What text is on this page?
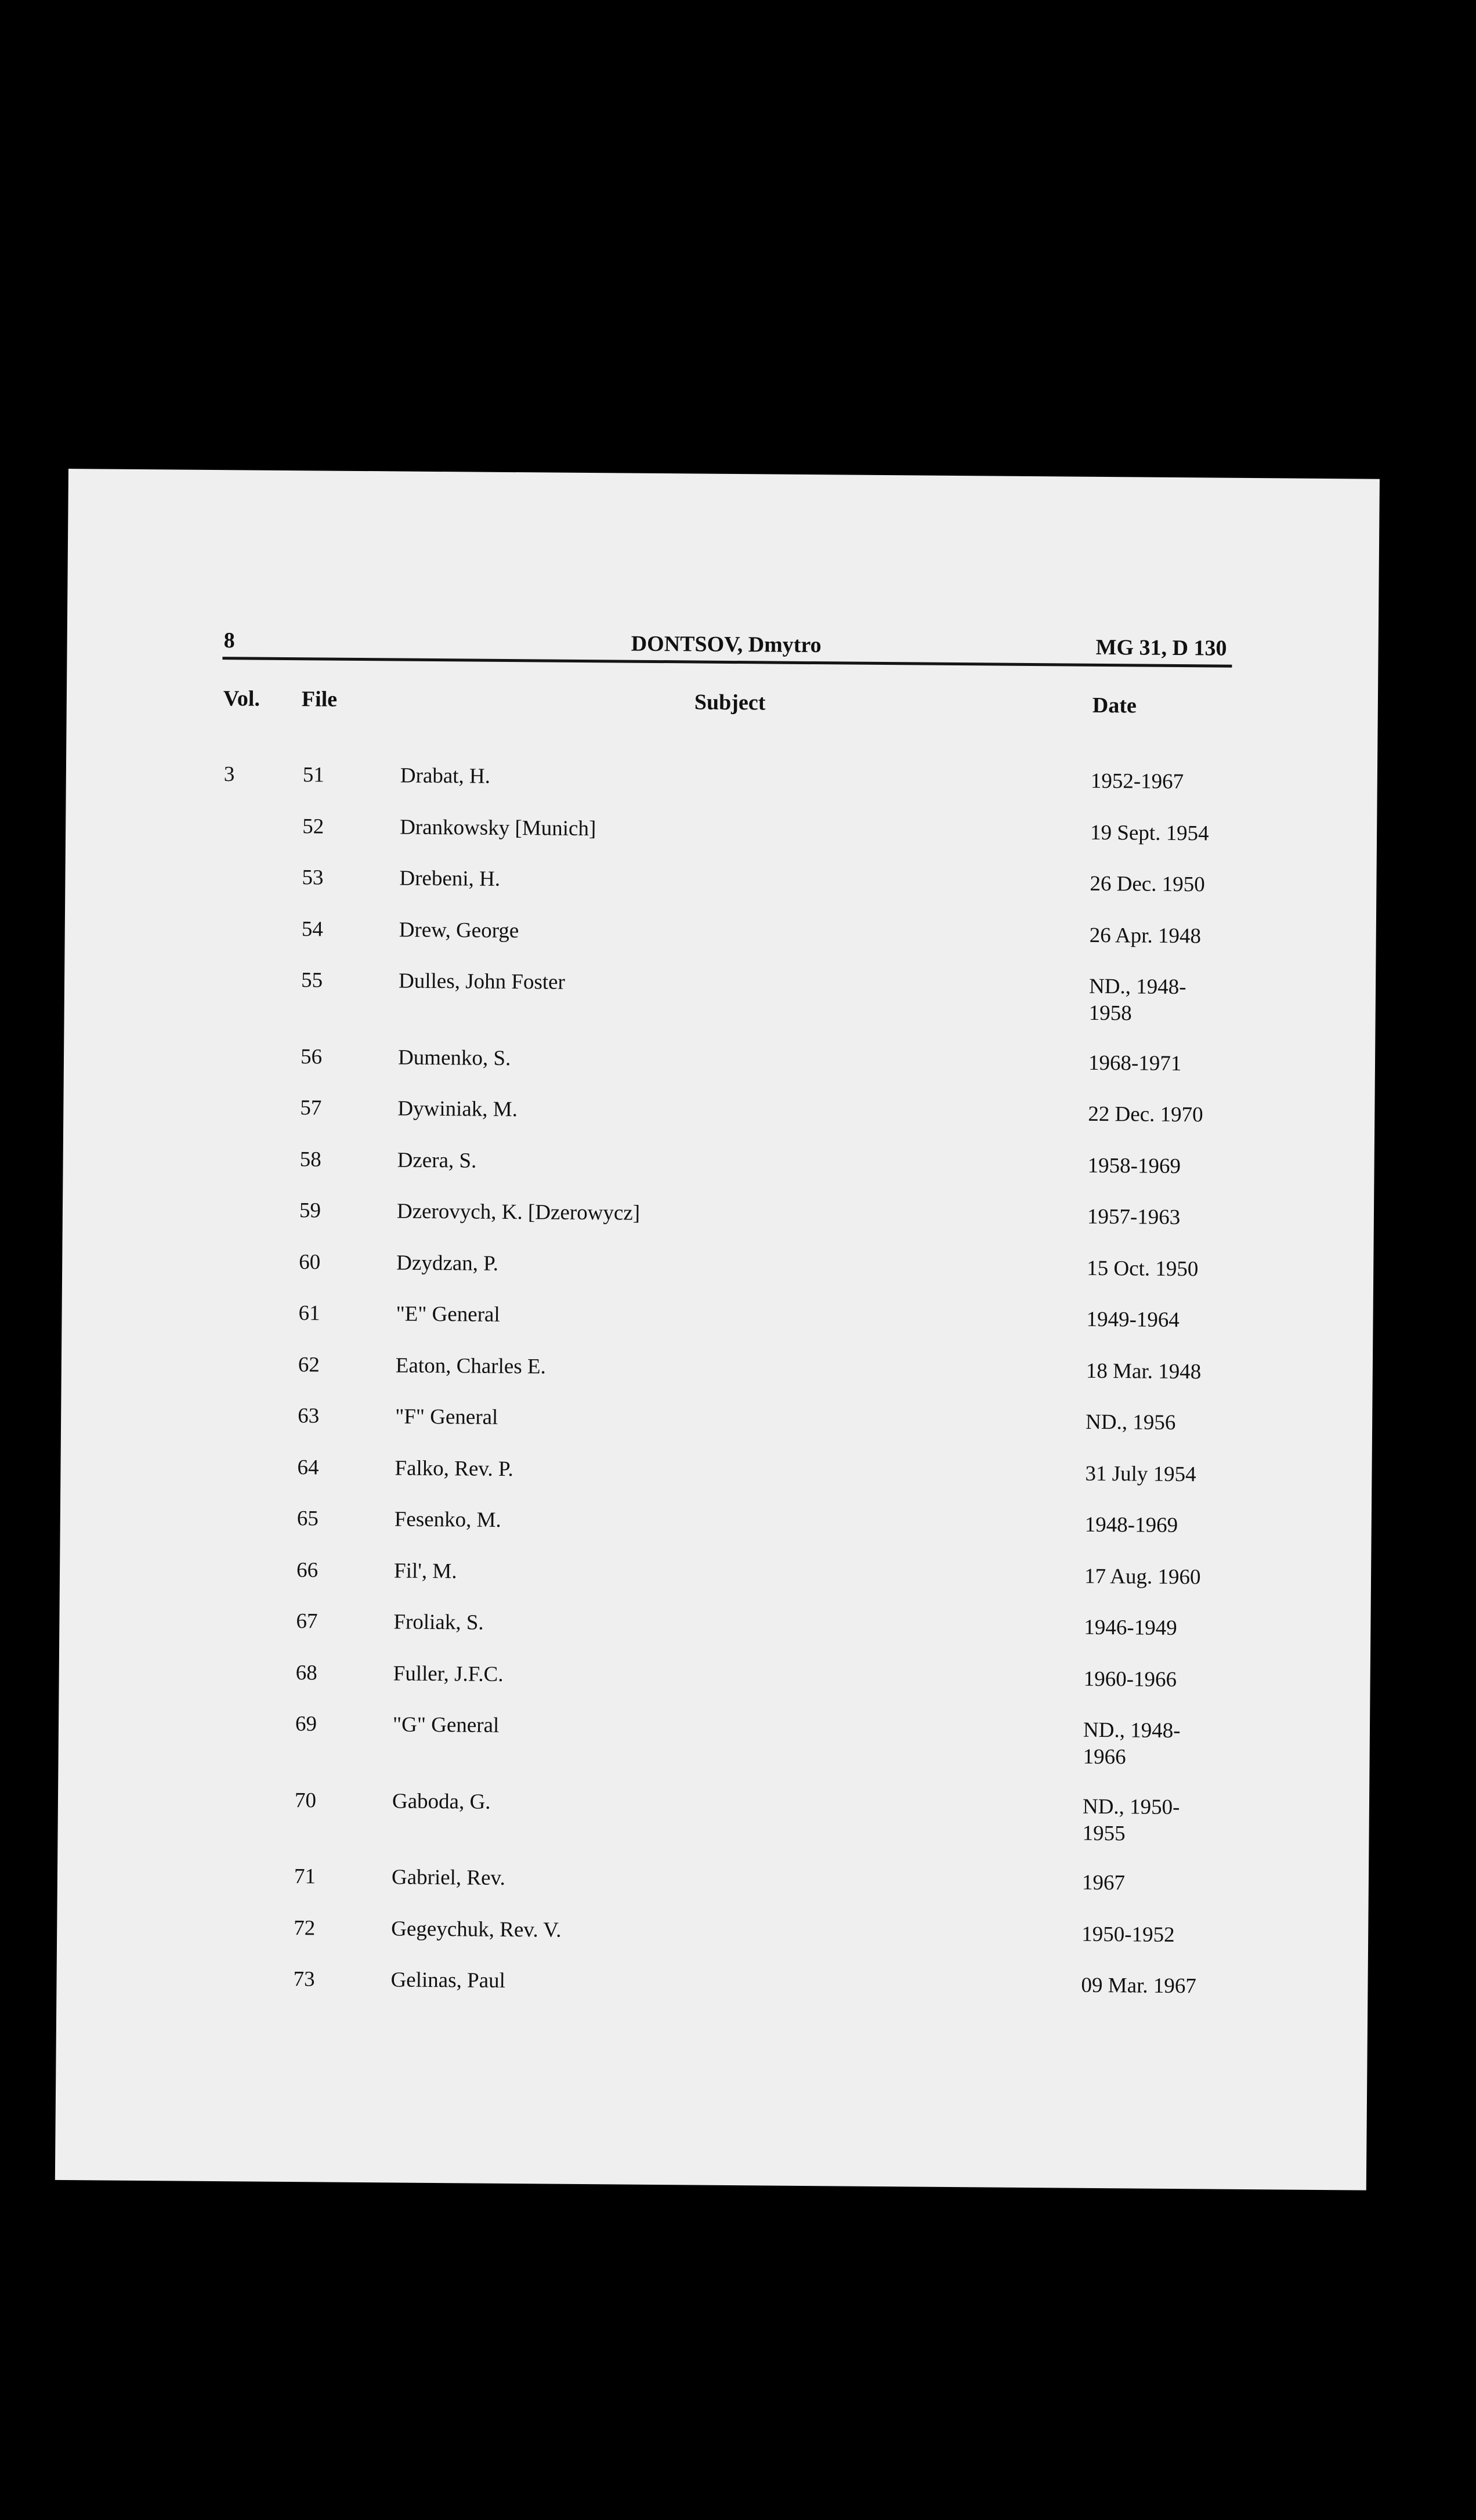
8	DONTSOV, Dmytro	MG 31, D 130
Vol. File	Subject	Date
3	51	Drabat, H.	1952-1967
52	Drankowsky [Munich]	19 Sept. 1954
53	Drebeni, H.	26 Dec. 1950
54	Drew, George	26 Apr. 1948
55	Dulles, John Foster	ND., 1948-1958
56	Dumenko, S.	1968-1971
57	Dywiniak, M.	22 Dec. 1970
58	Dzera, S.	1958-1969
59	Dzerovych, K. [Dzerowycz]	1957-1963
60	Dzydzan, P.	15 Oct. 1950
61	"E" General	1949-1964
62	Eaton, Charles E.	18 Mar. 1948
63	"F" General	ND., 1956
64	Falko, Rev. P.	31 July 1954
65	Fesenko, M.	1948-1969
66	Fil', M.	17 Aug. 1960
67	Froliak, S.	1946-1949
68	Fuller, J.F.C.	1960-1966
69	"G" General	ND., 1948-1966
70	Gaboda, G.	ND., 1950-1955
71	Gabriel, Rev.	1967
72	Gegeychuk, Rev. V.	1950-1952
73	Gelinas, Paul	09 Mar. 1967
